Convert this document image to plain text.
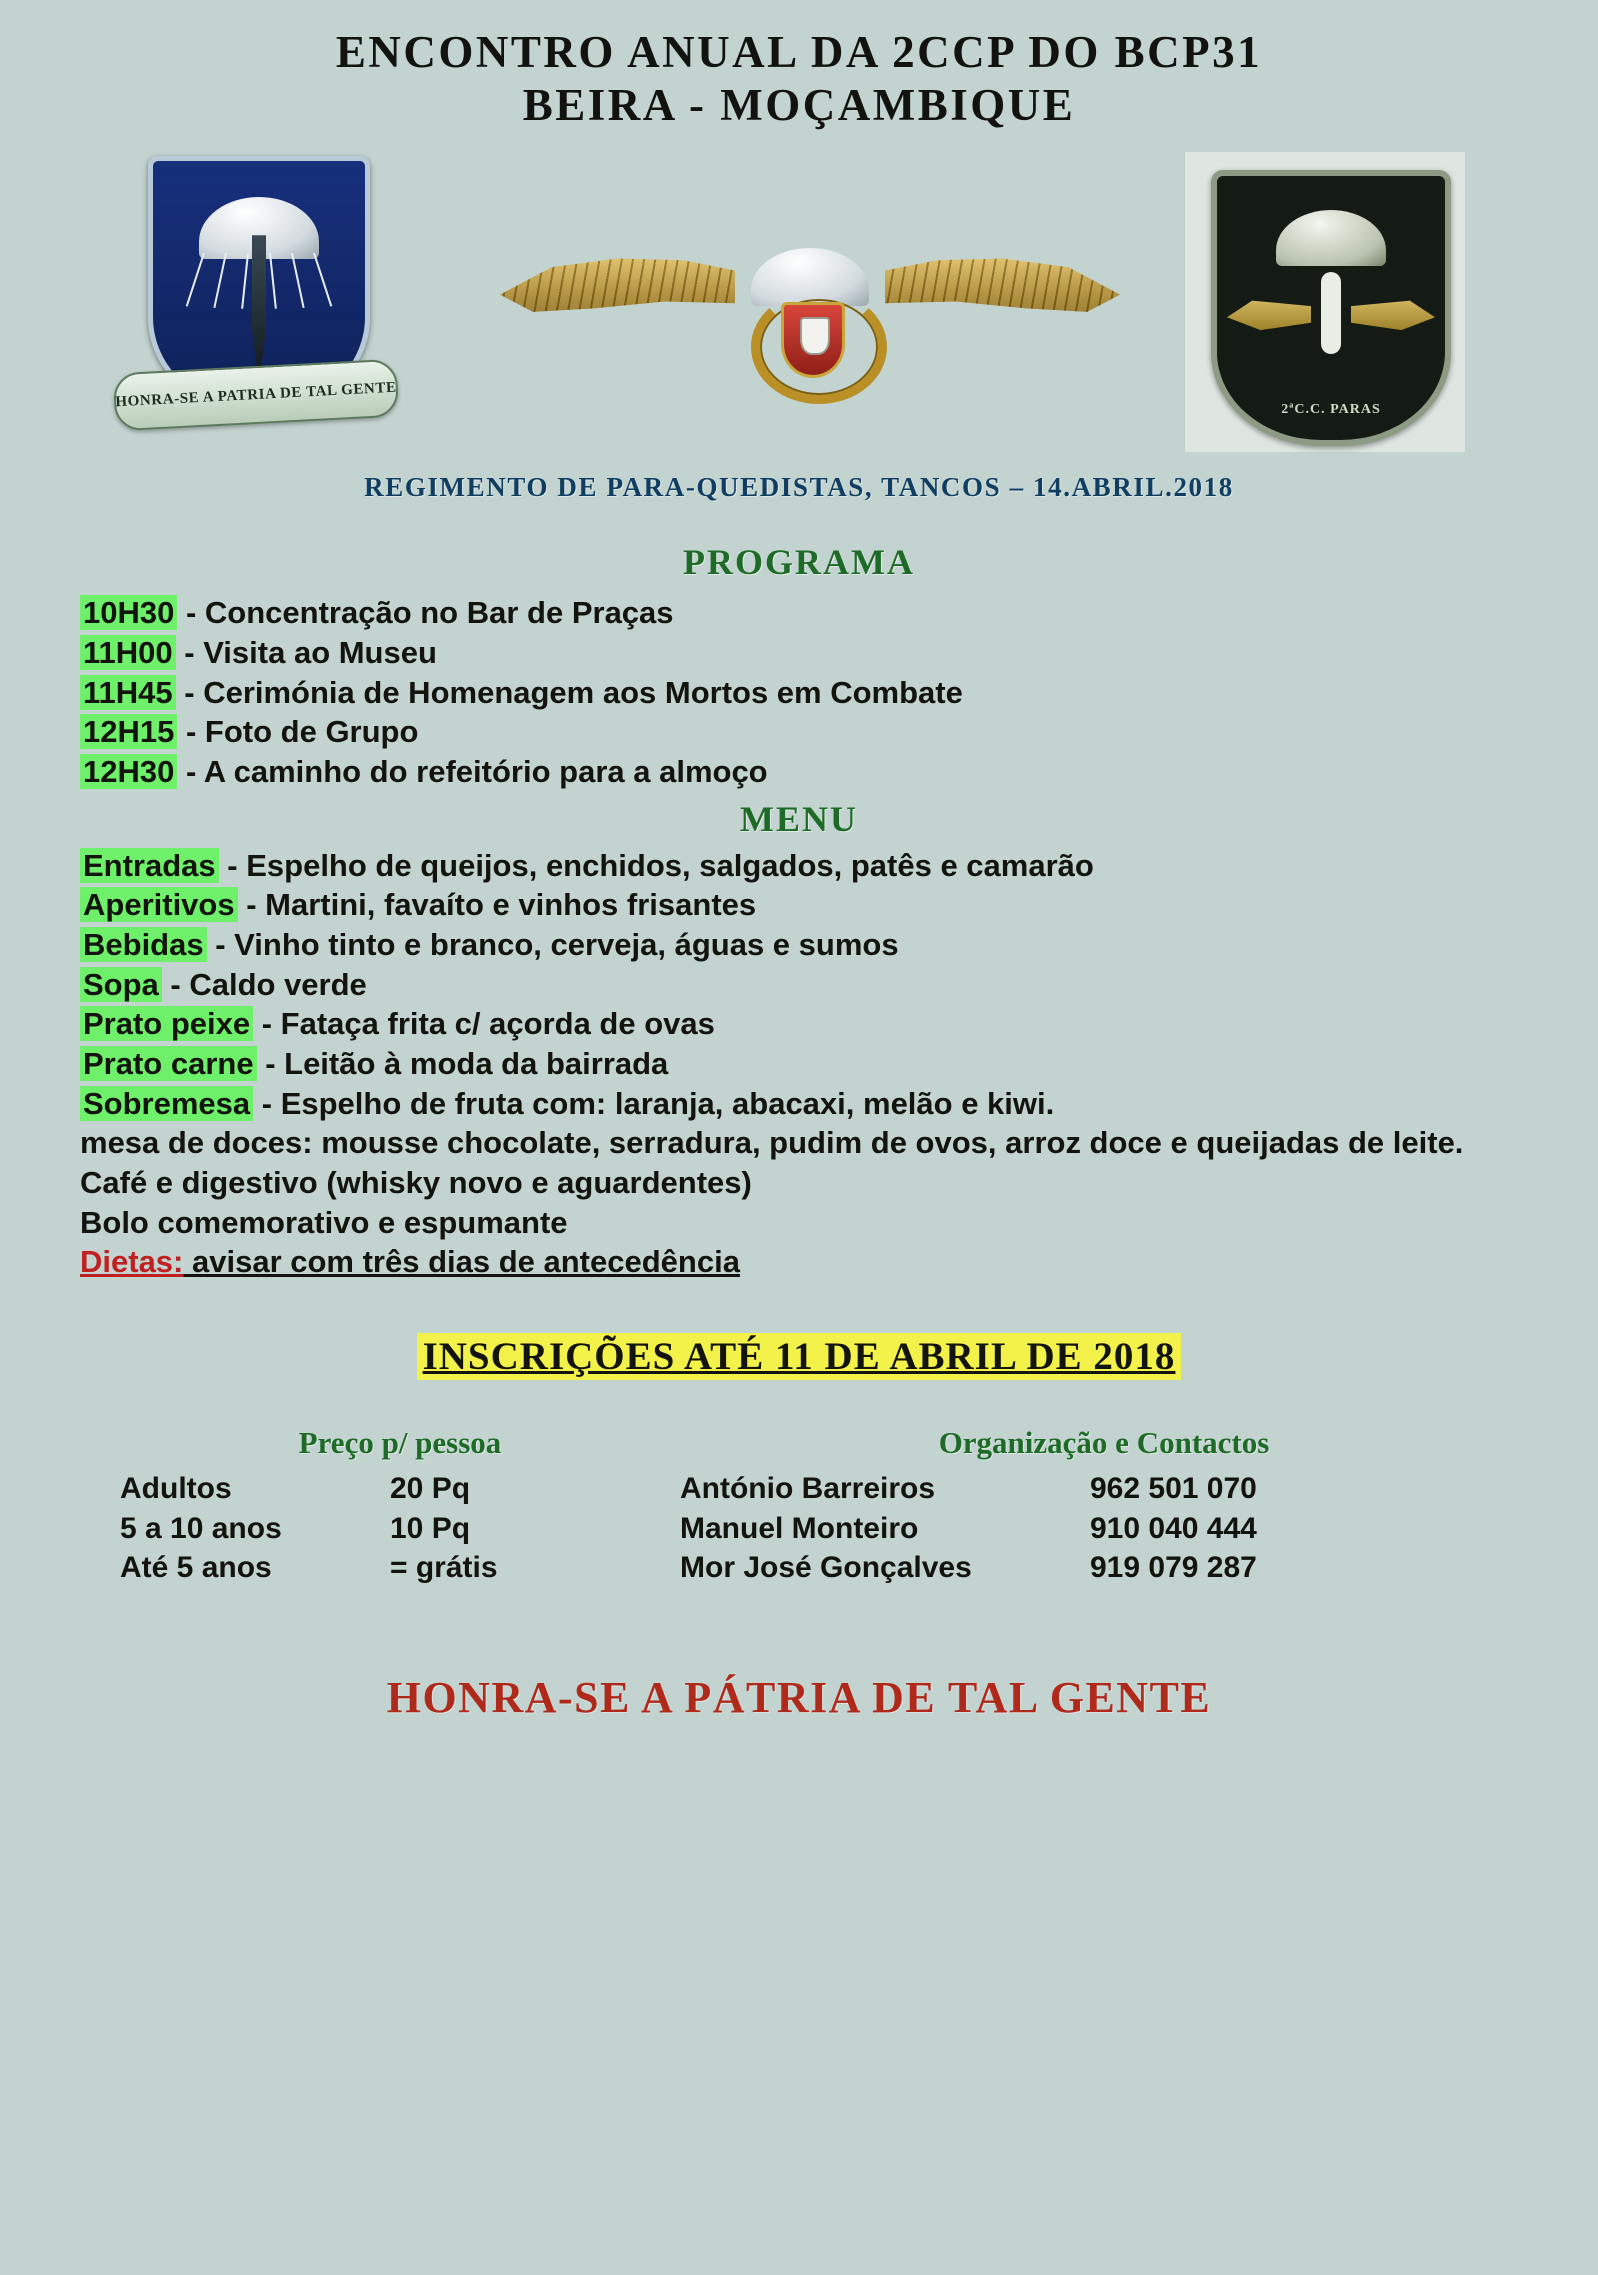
ENCONTRO ANUAL DA 2CCP DO BCP31
BEIRA - MOÇAMBIQUE
HONRA-SE A PATRIA DE TAL GENTE	2ªC.C. PARAS
REGIMENTO DE PARA-QUEDISTAS, TANCOS – 14.ABRIL.2018
PROGRAMA
10H30 - Concentração no Bar de Praças
11H00 - Visita ao Museu
11H45 - Cerimónia de Homenagem aos Mortos em Combate
12H15 - Foto de Grupo
12H30 - A caminho do refeitório para a almoço
MENU
Entradas - Espelho de queijos, enchidos, salgados, patês e camarão
Aperitivos - Martini, favaíto e vinhos frisantes
Bebidas - Vinho tinto e branco, cerveja, águas e sumos
Sopa - Caldo verde
Prato peixe - Fataça frita c/ açorda de ovas
Prato carne - Leitão à moda da bairrada
Sobremesa - Espelho de fruta com: laranja, abacaxi, melão e kiwi.
mesa de doces: mousse chocolate, serradura, pudim de ovos, arroz doce e queijadas de leite.
Café e digestivo (whisky novo e aguardentes)
Bolo comemorativo e espumante
Dietas: avisar com três dias de antecedência
INSCRIÇÕES ATÉ 11 DE ABRIL DE 2018
Preço p/ pessoa
Adultos	20 Pq
5 a 10 anos	10 Pq
Até 5 anos	= grátis
Organização e Contactos
António Barreiros	962 501 070
Manuel Monteiro	910 040 444
Mor José Gonçalves	919 079 287
HONRA-SE A PÁTRIA DE TAL GENTE
